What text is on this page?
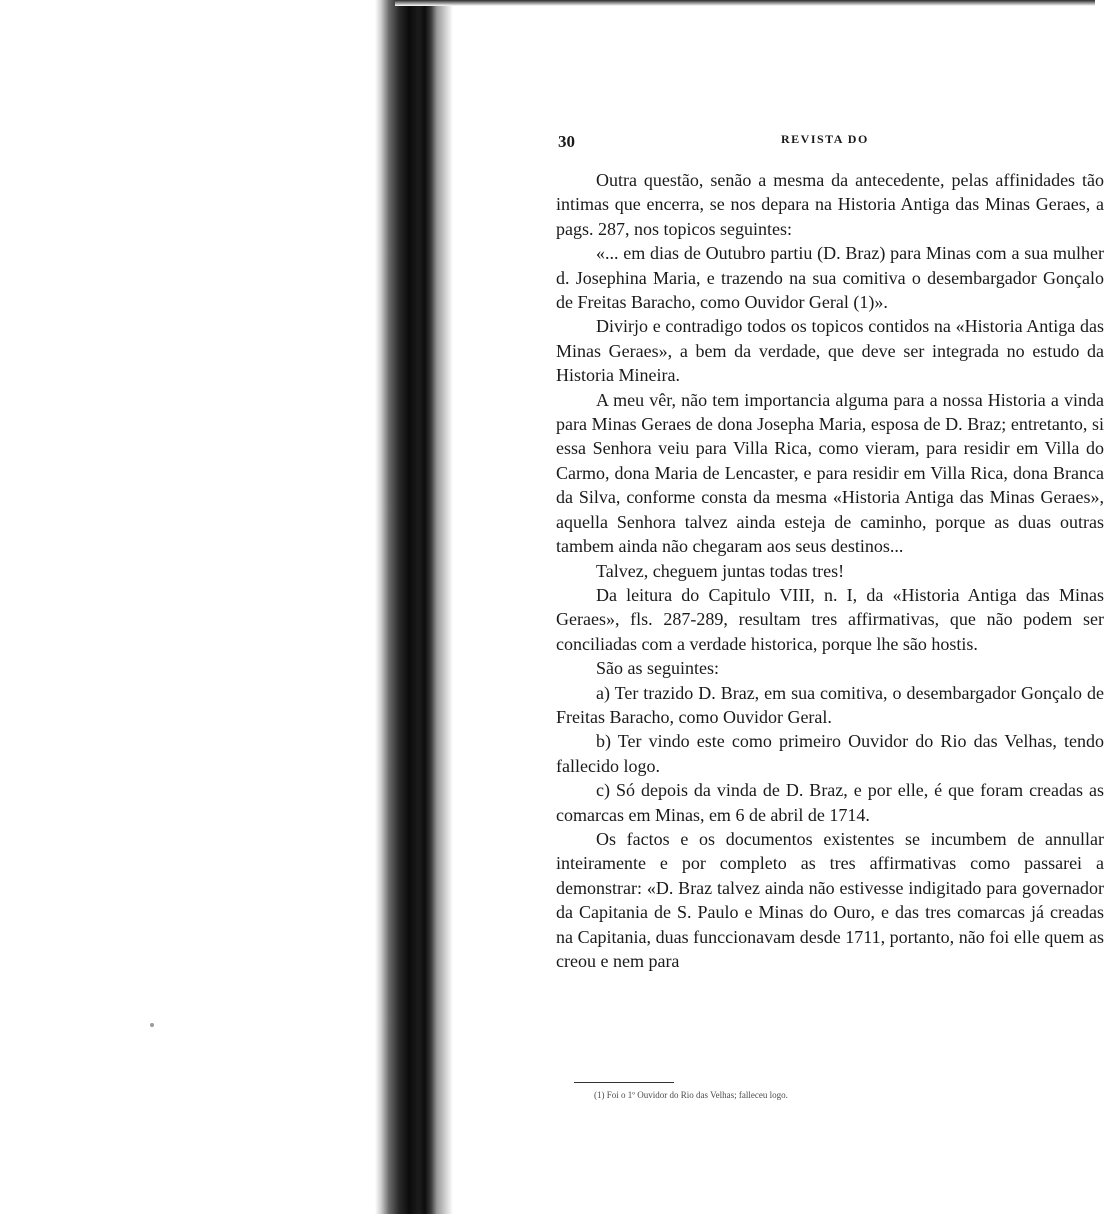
30	REVISTA DO

Outra questão, senão a mesma da antecedente, pelas affinidades tão intimas que encerra, se nos depara na Historia Antiga das Minas Geraes, a pags. 287, nos topicos seguintes:

«... em dias de Outubro partiu (D. Braz) para Minas com a sua mulher d. Josephina Maria, e trazendo na sua comitiva o desembargador Gonçalo de Freitas Baracho, como Ouvidor Geral (1)».

Divirjo e contradigo todos os topicos contidos na «Historia Antiga das Minas Geraes», a bem da verdade, que deve ser integrada no estudo da Historia Mineira.

A meu vêr, não tem importancia alguma para a nossa Historia a vinda para Minas Geraes de dona Josepha Maria, esposa de D. Braz; entretanto, si essa Senhora veiu para Villa Rica, como vieram, para residir em Villa do Carmo, dona Maria de Lencaster, e para residir em Villa Rica, dona Branca da Silva, conforme consta da mesma «Historia Antiga das Minas Geraes», aquella Senhora talvez ainda esteja de caminho, porque as duas outras tambem ainda não chegaram aos seus destinos...

Talvez, cheguem juntas todas tres!

Da leitura do Capitulo VIII, n. I, da «Historia Antiga das Minas Geraes», fls. 287-289, resultam tres affirmativas, que não podem ser conciliadas com a verdade historica, porque lhe são hostis.

São as seguintes:

a) Ter trazido D. Braz, em sua comitiva, o desembargador Gonçalo de Freitas Baracho, como Ouvidor Geral.

b) Ter vindo este como primeiro Ouvidor do Rio das Velhas, tendo fallecido logo.

c) Só depois da vinda de D. Braz, e por elle, é que foram creadas as comarcas em Minas, em 6 de abril de 1714.

Os factos e os documentos existentes se incumbem de annullar inteiramente e por completo as tres affirmativas como passarei a demonstrar: «D. Braz talvez ainda não estivesse indigitado para governador da Capitania de S. Paulo e Minas do Ouro, e das tres comarcas já creadas na Capitania, duas funccionavam desde 1711, portanto, não foi elle quem as creou e nem para

(1) Foi o 1º Ouvidor do Rio das Velhas; falleceu logo.
